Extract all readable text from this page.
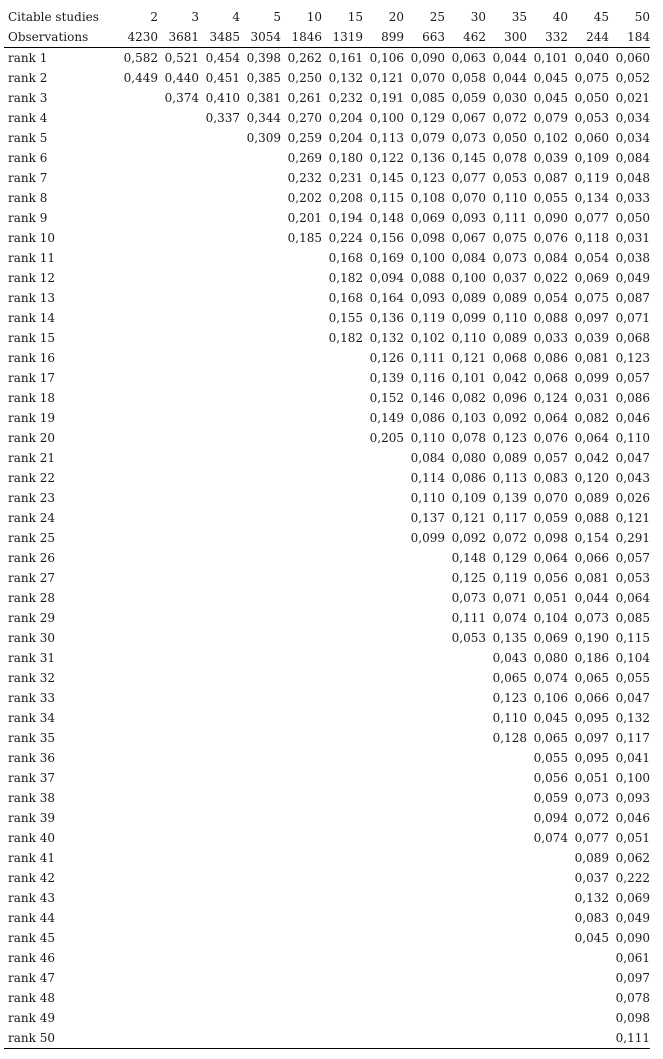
Citable studies	2	3	4	5	10	15	20	25	30	35	40	45	50
Observations	4230	3681	3485	3054	1846	1319	899	663	462	300	332	244	184
rank 1	0,582	0,521	0,454	0,398	0,262	0,161	0,106	0,090	0,063	0,044	0,101	0,040	0,060
rank 2	0,449	0,440	0,451	0,385	0,250	0,132	0,121	0,070	0,058	0,044	0,045	0,075	0,052
rank 3		0,374	0,410	0,381	0,261	0,232	0,191	0,085	0,059	0,030	0,045	0,050	0,021
rank 4			0,337	0,344	0,270	0,204	0,100	0,129	0,067	0,072	0,079	0,053	0,034
rank 5				0,309	0,259	0,204	0,113	0,079	0,073	0,050	0,102	0,060	0,034
rank 6					0,269	0,180	0,122	0,136	0,145	0,078	0,039	0,109	0,084
rank 7					0,232	0,231	0,145	0,123	0,077	0,053	0,087	0,119	0,048
rank 8					0,202	0,208	0,115	0,108	0,070	0,110	0,055	0,134	0,033
rank 9					0,201	0,194	0,148	0,069	0,093	0,111	0,090	0,077	0,050
rank 10					0,185	0,224	0,156	0,098	0,067	0,075	0,076	0,118	0,031
rank 11						0,168	0,169	0,100	0,084	0,073	0,084	0,054	0,038
rank 12						0,182	0,094	0,088	0,100	0,037	0,022	0,069	0,049
rank 13						0,168	0,164	0,093	0,089	0,089	0,054	0,075	0,087
rank 14						0,155	0,136	0,119	0,099	0,110	0,088	0,097	0,071
rank 15						0,182	0,132	0,102	0,110	0,089	0,033	0,039	0,068
rank 16							0,126	0,111	0,121	0,068	0,086	0,081	0,123
rank 17							0,139	0,116	0,101	0,042	0,068	0,099	0,057
rank 18							0,152	0,146	0,082	0,096	0,124	0,031	0,086
rank 19							0,149	0,086	0,103	0,092	0,064	0,082	0,046
rank 20							0,205	0,110	0,078	0,123	0,076	0,064	0,110
rank 21								0,084	0,080	0,089	0,057	0,042	0,047
rank 22								0,114	0,086	0,113	0,083	0,120	0,043
rank 23								0,110	0,109	0,139	0,070	0,089	0,026
rank 24								0,137	0,121	0,117	0,059	0,088	0,121
rank 25								0,099	0,092	0,072	0,098	0,154	0,291
rank 26									0,148	0,129	0,064	0,066	0,057
rank 27									0,125	0,119	0,056	0,081	0,053
rank 28									0,073	0,071	0,051	0,044	0,064
rank 29									0,111	0,074	0,104	0,073	0,085
rank 30									0,053	0,135	0,069	0,190	0,115
rank 31										0,043	0,080	0,186	0,104
rank 32										0,065	0,074	0,065	0,055
rank 33										0,123	0,106	0,066	0,047
rank 34										0,110	0,045	0,095	0,132
rank 35										0,128	0,065	0,097	0,117
rank 36											0,055	0,095	0,041
rank 37											0,056	0,051	0,100
rank 38											0,059	0,073	0,093
rank 39											0,094	0,072	0,046
rank 40											0,074	0,077	0,051
rank 41												0,089	0,062
rank 42												0,037	0,222
rank 43												0,132	0,069
rank 44												0,083	0,049
rank 45												0,045	0,090
rank 46													0,061
rank 47													0,097
rank 48													0,078
rank 49													0,098
rank 50													0,111
